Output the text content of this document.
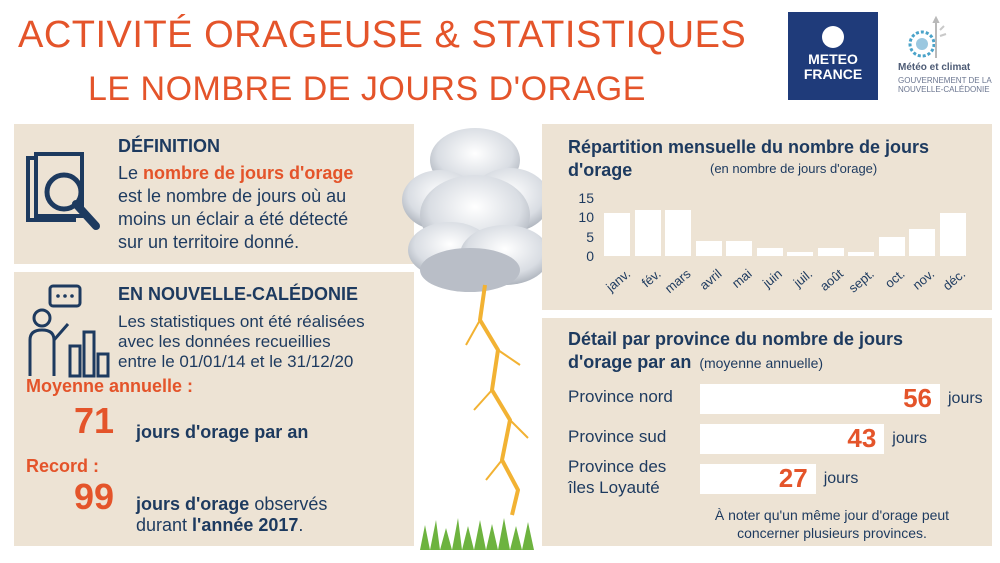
ACTIVITÉ ORAGEUSE & STATISTIQUES
LE NOMBRE DE JOURS D'ORAGE
METEO
FRANCE	Météo et climat
GOUVERNEMENT DE LA NOUVELLE-CALÉDONIE
DÉFINITION
Le nombre de jours d'orage
est le nombre de jours où au
moins un éclair a été détecté
sur un territoire donné.
EN NOUVELLE-CALÉDONIE
Les statistiques ont été réalisées
avec les données recueillies
entre le 01/01/14 et le 31/12/20
Moyenne annuelle :
71 jours d'orage par an
Record :
99 jours d'orage observés
durant l'année 2017.
Répartition mensuelle du nombre de jours d'orage	(en nombre de jours d'orage)
0
5
10
15
janv. fév.
mars avril mai juin juil. août sept. oct. nov. déc.
Détail par province du nombre de jours
d'orage par an (moyenne annuelle)
Province nord	56 jours
Province sud	43 jours
Province des
îles Loyauté	27 jours
À noter qu'un même jour d'orage peut
concerner plusieurs provinces.
